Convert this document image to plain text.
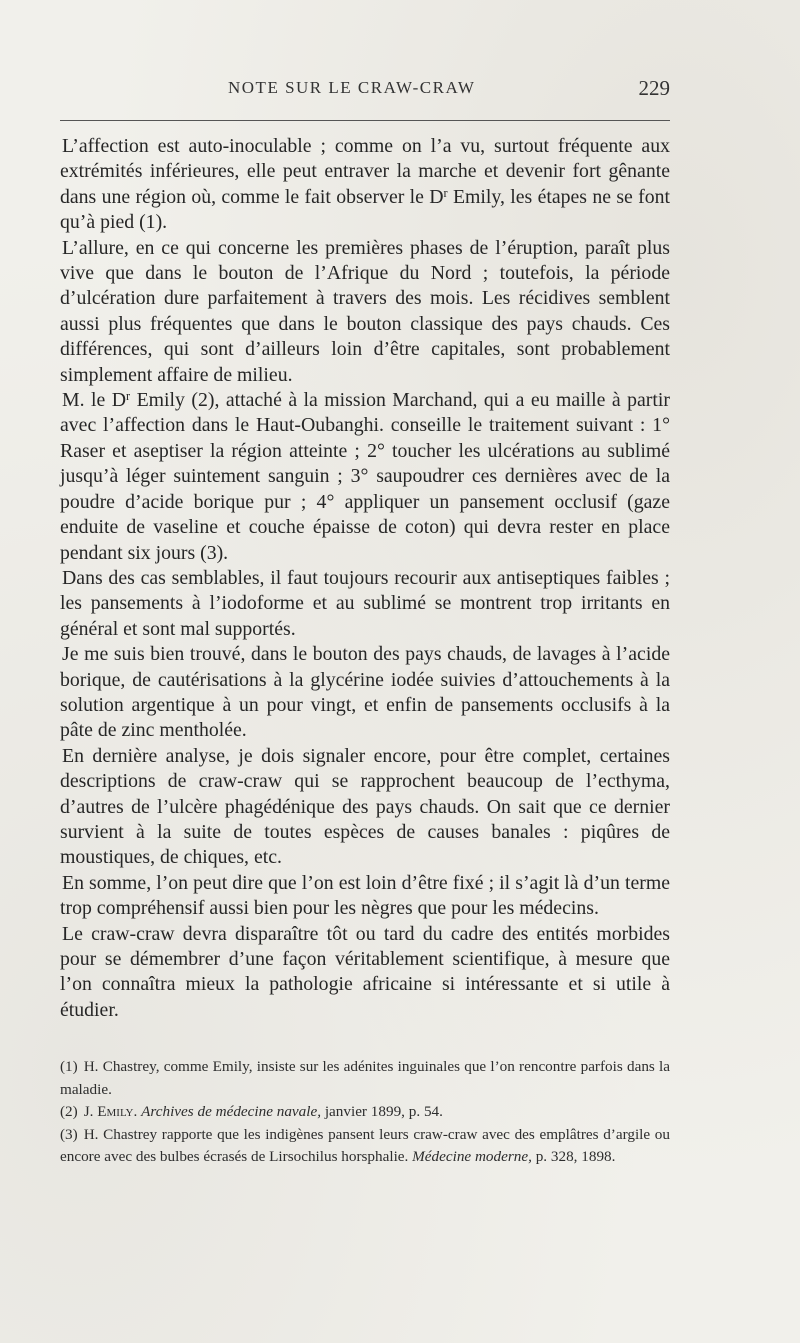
NOTE SUR LE CRAW-CRAW	229

L’affection est auto-inoculable ; comme on l’a vu, surtout fréquente aux extrémités inférieures, elle peut entraver la marche et devenir fort gênante dans une région où, comme le fait observer le $D^r$ Emily, les étapes ne se font qu’à pied (1).

L’allure, en ce qui concerne les premières phases de l’éruption, paraît plus vive que dans le bouton de l’Afrique du Nord ; toutefois, la période d’ulcération dure parfaitement à travers des mois. Les récidives semblent aussi plus fréquentes que dans le bouton classique des pays chauds. Ces différences, qui sont d’ailleurs loin d’être capitales, sont probablement simplement affaire de milieu.

M. le $D^r$ Emily (2), attaché à la mission Marchand, qui a eu maille à partir avec l’affection dans le Haut-Oubanghi. conseille le traitement suivant : 1° Raser et aseptiser la région atteinte ; 2° toucher les ulcérations au sublimé jusqu’à léger suintement sanguin ; 3° saupoudrer ces dernières avec de la poudre d’acide borique pur ; 4° appliquer un pansement occlusif (gaze enduite de vaseline et couche épaisse de coton) qui devra rester en place pendant six jours (3).

Dans des cas semblables, il faut toujours recourir aux antiseptiques faibles ; les pansements à l’iodoforme et au sublimé se montrent trop irritants en général et sont mal supportés.

Je me suis bien trouvé, dans le bouton des pays chauds, de lavages à l’acide borique, de cautérisations à la glycérine iodée suivies d’attouchements à la solution argentique à un pour vingt, et enfin de pansements occlusifs à la pâte de zinc mentholée.

En dernière analyse, je dois signaler encore, pour être complet, certaines descriptions de craw-craw qui se rapprochent beaucoup de l’ecthyma, d’autres de l’ulcère phagédénique des pays chauds. On sait que ce dernier survient à la suite de toutes espèces de causes banales : piqûres de moustiques, de chiques, etc.

En somme, l’on peut dire que l’on est loin d’être fixé ; il s’agit là d’un terme trop compréhensif aussi bien pour les nègres que pour les médecins.

Le craw-craw devra disparaître tôt ou tard du cadre des entités morbides pour se démembrer d’une façon véritablement scientifique, à mesure que l’on connaîtra mieux la pathologie africaine si intéressante et si utile à étudier.

(1) H. Chastrey, comme Emily, insiste sur les adénites inguinales que l’on rencontre parfois dans la maladie.

(2) J. Emily. Archives de médecine navale, janvier 1899, p. 54.

(3) H. Chastrey rapporte que les indigènes pansent leurs craw-craw avec des emplâtres d’argile ou encore avec des bulbes écrasés de Lirsochilus horsphalie. Médecine moderne, p. 328, 1898.
